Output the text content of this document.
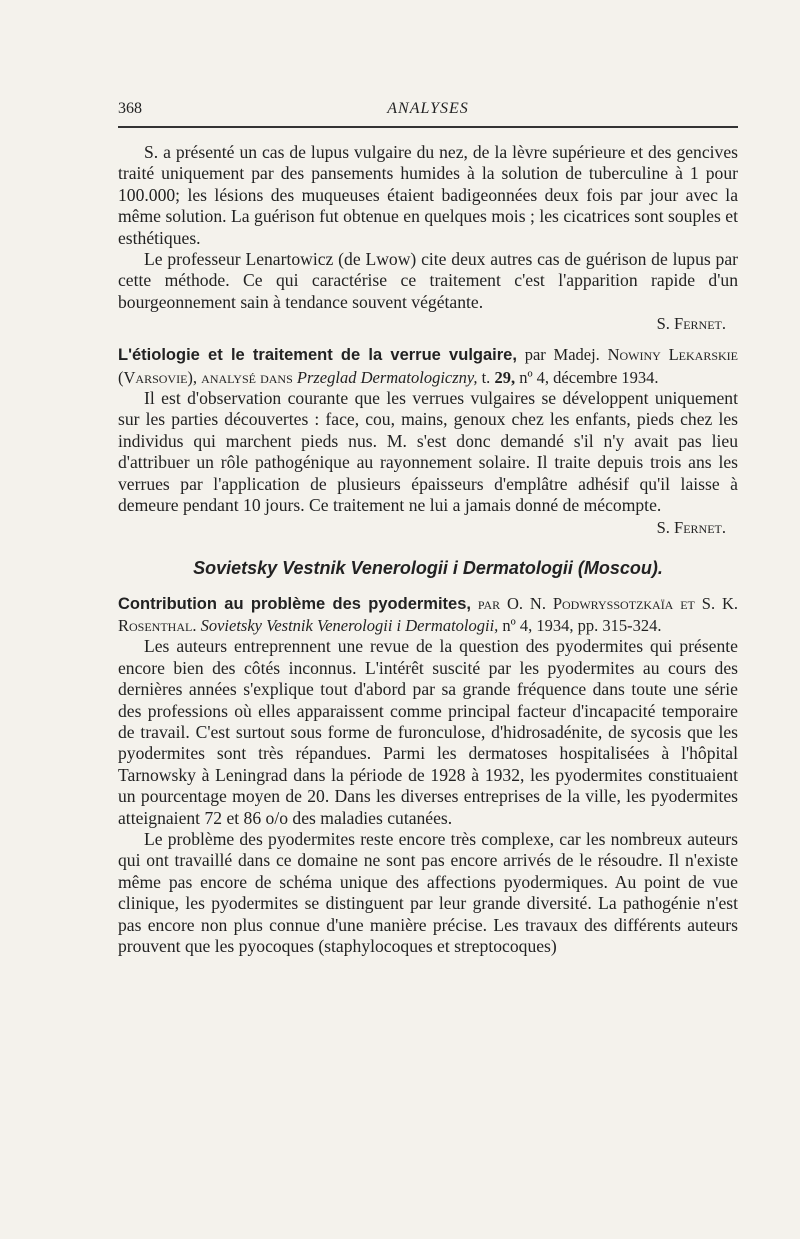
368	ANALYSES

S. a présenté un cas de lupus vulgaire du nez, de la lèvre supérieure et des gencives traité uniquement par des pansements humides à la solution de tuberculine à 1 pour 100.000; les lésions des muqueuses étaient badigeonnées deux fois par jour avec la même solution. La guérison fut obtenue en quelques mois ; les cicatrices sont souples et esthétiques.

Le professeur Lenartowicz (de Lwow) cite deux autres cas de guérison de lupus par cette méthode. Ce qui caractérise ce traitement c'est l'apparition rapide d'un bourgeonnement sain à tendance souvent végétante.

S. Fernet.

L'étiologie et le traitement de la verrue vulgaire, par Madej. Nowiny Lekarskie (Varsovie), analysé dans Przeglad Dermatologiczny, t. 29, nº 4, décembre 1934.

Il est d'observation courante que les verrues vulgaires se développent uniquement sur les parties découvertes : face, cou, mains, genoux chez les enfants, pieds chez les individus qui marchent pieds nus. M. s'est donc demandé s'il n'y avait pas lieu d'attribuer un rôle pathogénique au rayonnement solaire. Il traite depuis trois ans les verrues par l'application de plusieurs épaisseurs d'emplâtre adhésif qu'il laisse à demeure pendant 10 jours. Ce traitement ne lui a jamais donné de mécompte.

S. Fernet.

Sovietsky Vestnik Venerologii i Dermatologii (Moscou).

Contribution au problème des pyodermites, par O. N. Podwryssotzkaïa et S. K. Rosenthal. Sovietsky Vestnik Venerologii i Dermatologii, nº 4, 1934, pp. 315-324.

Les auteurs entreprennent une revue de la question des pyodermites qui présente encore bien des côtés inconnus. L'intérêt suscité par les pyodermites au cours des dernières années s'explique tout d'abord par sa grande fréquence dans toute une série des professions où elles apparaissent comme principal facteur d'incapacité temporaire de travail. C'est surtout sous forme de furonculose, d'hidrosadénite, de sycosis que les pyodermites sont très répandues. Parmi les dermatoses hospitalisées à l'hôpital Tarnowsky à Leningrad dans la période de 1928 à 1932, les pyodermites constituaient un pourcentage moyen de 20. Dans les diverses entreprises de la ville, les pyodermites atteignaient 72 et 86 o/o des maladies cutanées.

Le problème des pyodermites reste encore très complexe, car les nombreux auteurs qui ont travaillé dans ce domaine ne sont pas encore arrivés de le résoudre. Il n'existe même pas encore de schéma unique des affections pyodermiques. Au point de vue clinique, les pyodermites se distinguent par leur grande diversité. La pathogénie n'est pas encore non plus connue d'une manière précise. Les travaux des différents auteurs prouvent que les pyocoques (staphylocoques et streptocoques)
